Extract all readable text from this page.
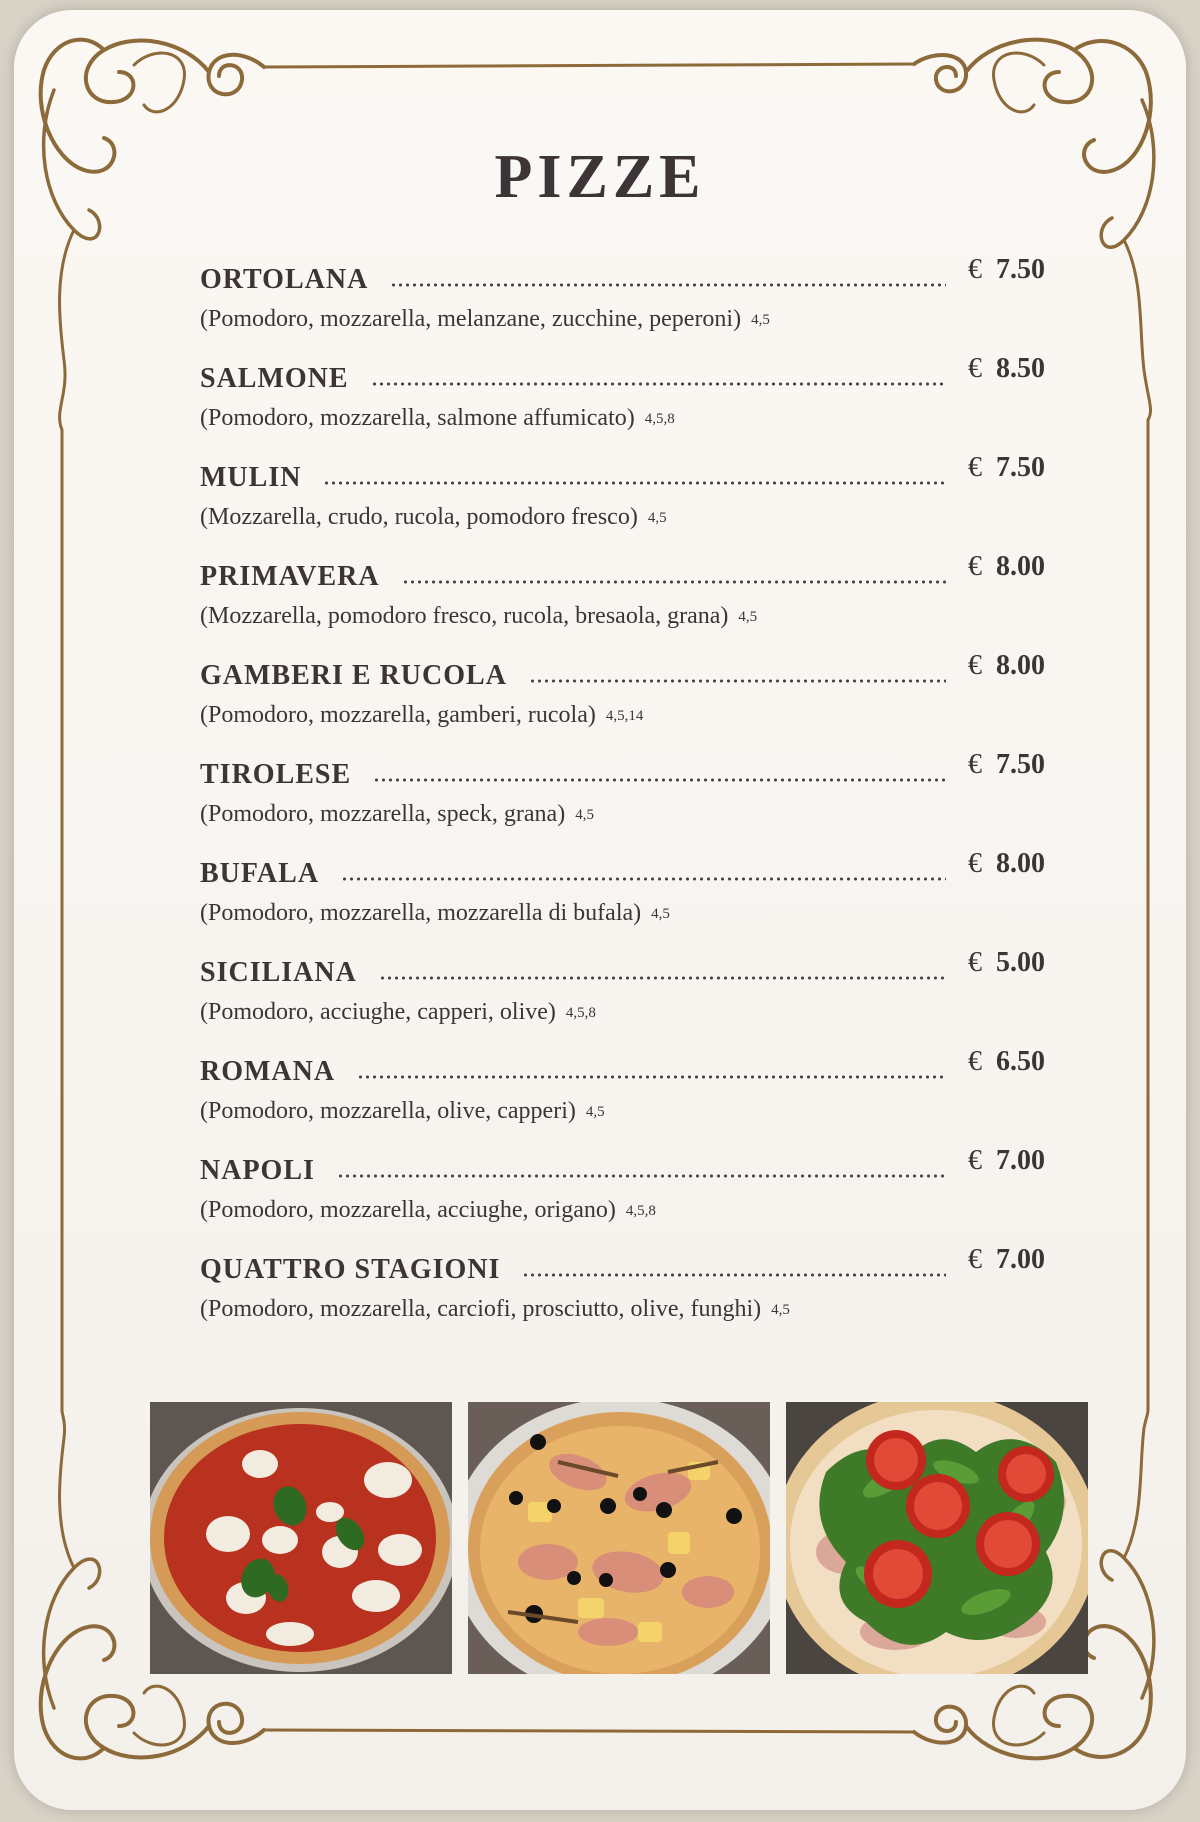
PIZZE
ORTOLANA	€ 7.50
(Pomodoro, mozzarella, melanzane, zucchine, peperoni) 4,5
SALMONE	€ 8.50
(Pomodoro, mozzarella, salmone affumicato) 4,5,8
MULIN	€ 7.50
(Mozzarella, crudo, rucola, pomodoro fresco) 4,5
PRIMAVERA	€ 8.00
(Mozzarella, pomodoro fresco, rucola, bresaola, grana) 4,5
GAMBERI E RUCOLA	€ 8.00
(Pomodoro, mozzarella, gamberi, rucola) 4,5,14
TIROLESE	€ 7.50
(Pomodoro, mozzarella, speck, grana) 4,5
BUFALA	€ 8.00
(Pomodoro, mozzarella, mozzarella di bufala) 4,5
SICILIANA	€ 5.00
(Pomodoro, acciughe, capperi, olive) 4,5,8
ROMANA	€ 6.50
(Pomodoro, mozzarella, olive, capperi) 4,5
NAPOLI	€ 7.00
(Pomodoro, mozzarella, acciughe, origano) 4,5,8
QUATTRO STAGIONI	€ 7.00
(Pomodoro, mozzarella, carciofi, prosciutto, olive, funghi) 4,5
